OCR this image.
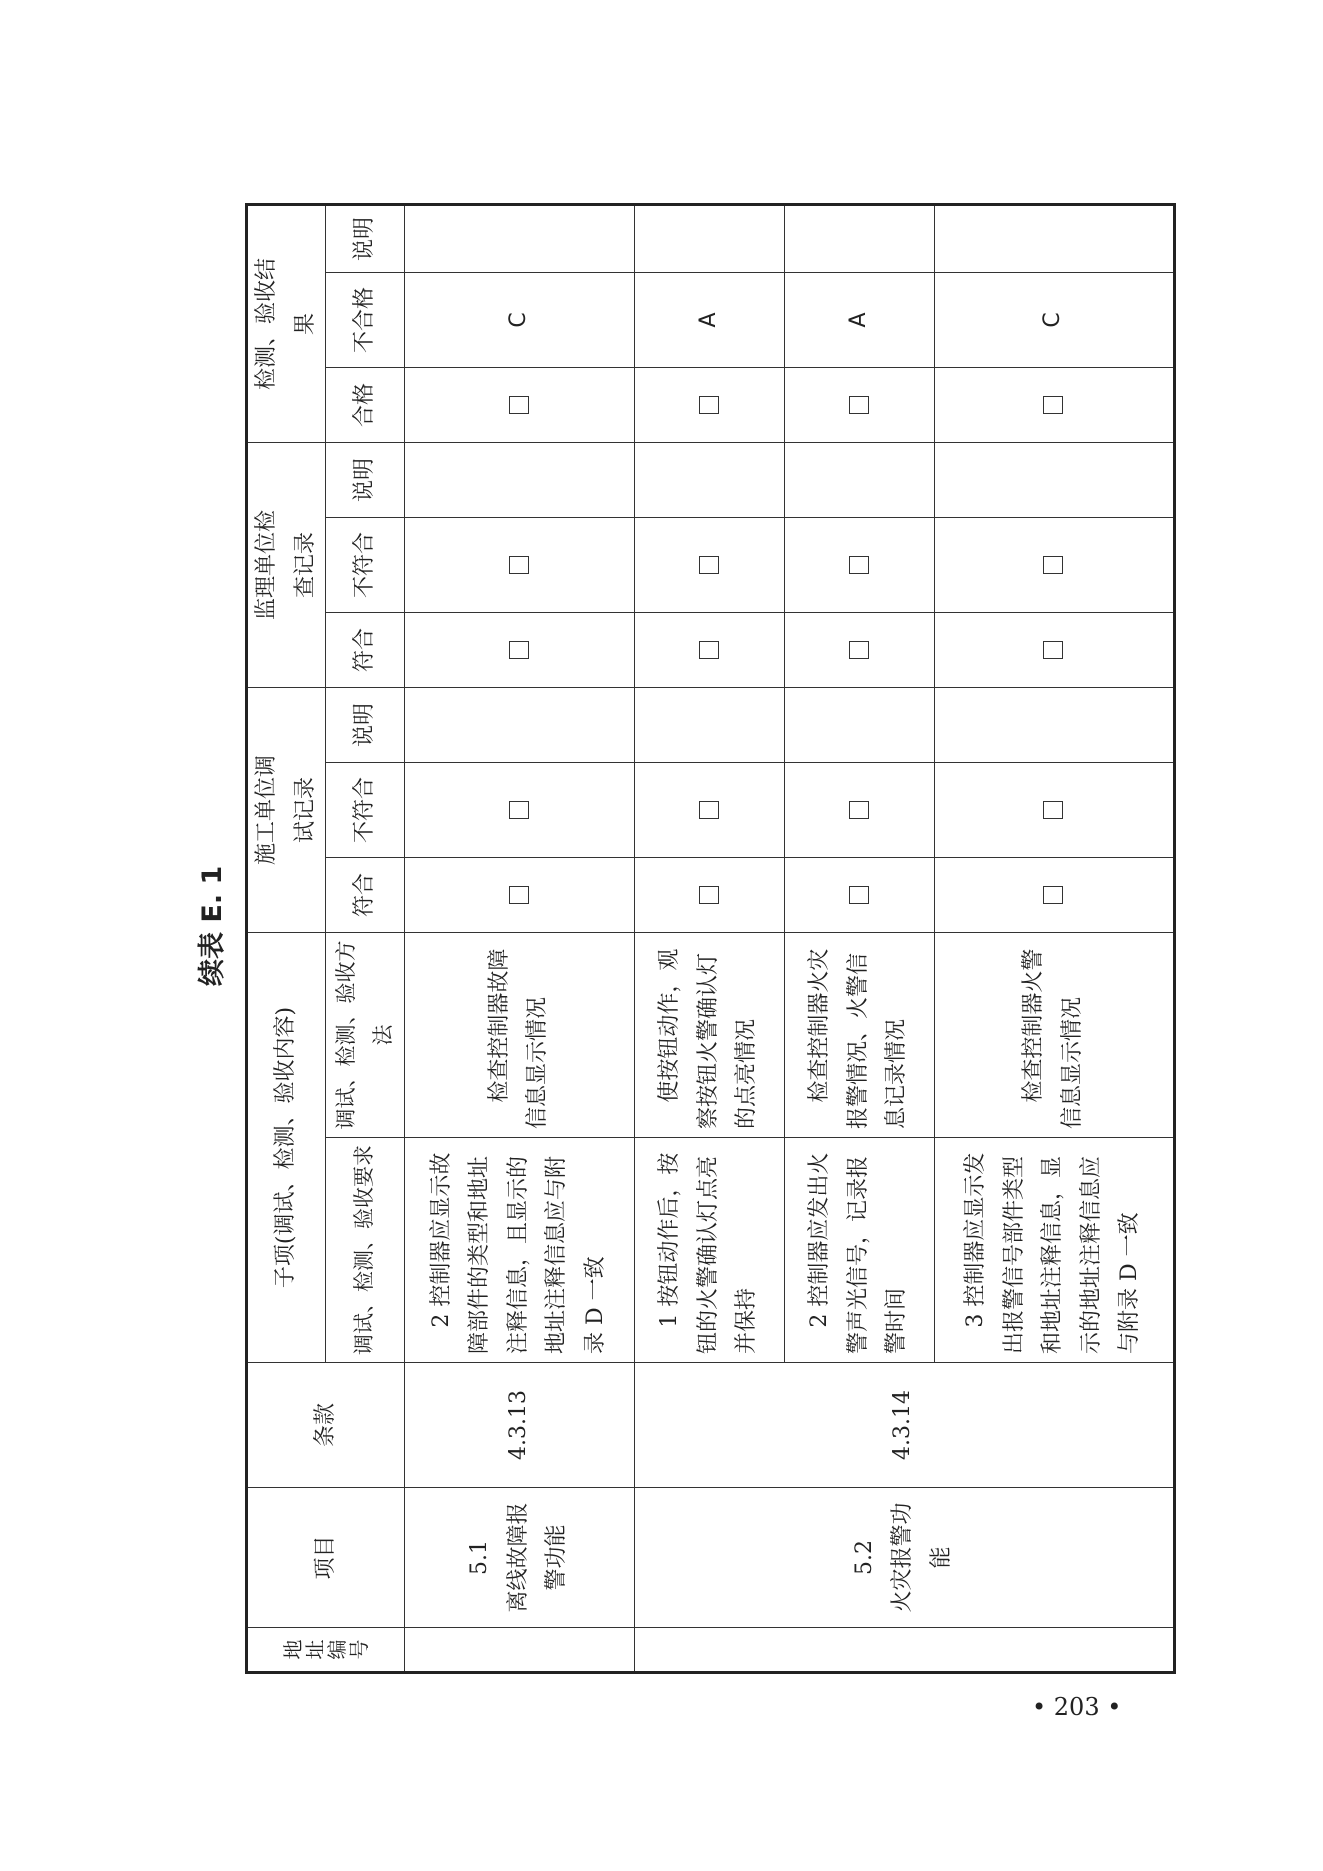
续表 E. 1
地址编号	项目	条款	子项(调试、检测、验收内容)		施工单位调试记录			监理单位检查记录			检测、验收结果		
			调试、检测、验收要求	调试、检测、验收方法	符合	不符合	说明	符合	不符合	说明	合格	不合格	说明

	5.1 离线故障报警功能	4.3.13	2 控制器应显示故障部件的类型和地址注释信息，且显示的地址注释信息应与附录 D 一致	检查控制器故障信息显示情况								C	

	5.2 火灾报警功能	4.3.14	1 按钮动作后，按钮的火警确认灯点亮并保持	使按钮动作，观察按钮火警确认灯的点亮情况								A	
			2 控制器应发出火警声光信号，记录报警时间	检查控制器火灾报警情况、火警信息记录情况								A	
			3 控制器应显示发出报警信号部件类型和地址注释信息，显示的地址注释信息应与附录 D 一致	检查控制器火警信息显示情况								C	
• 203 •
